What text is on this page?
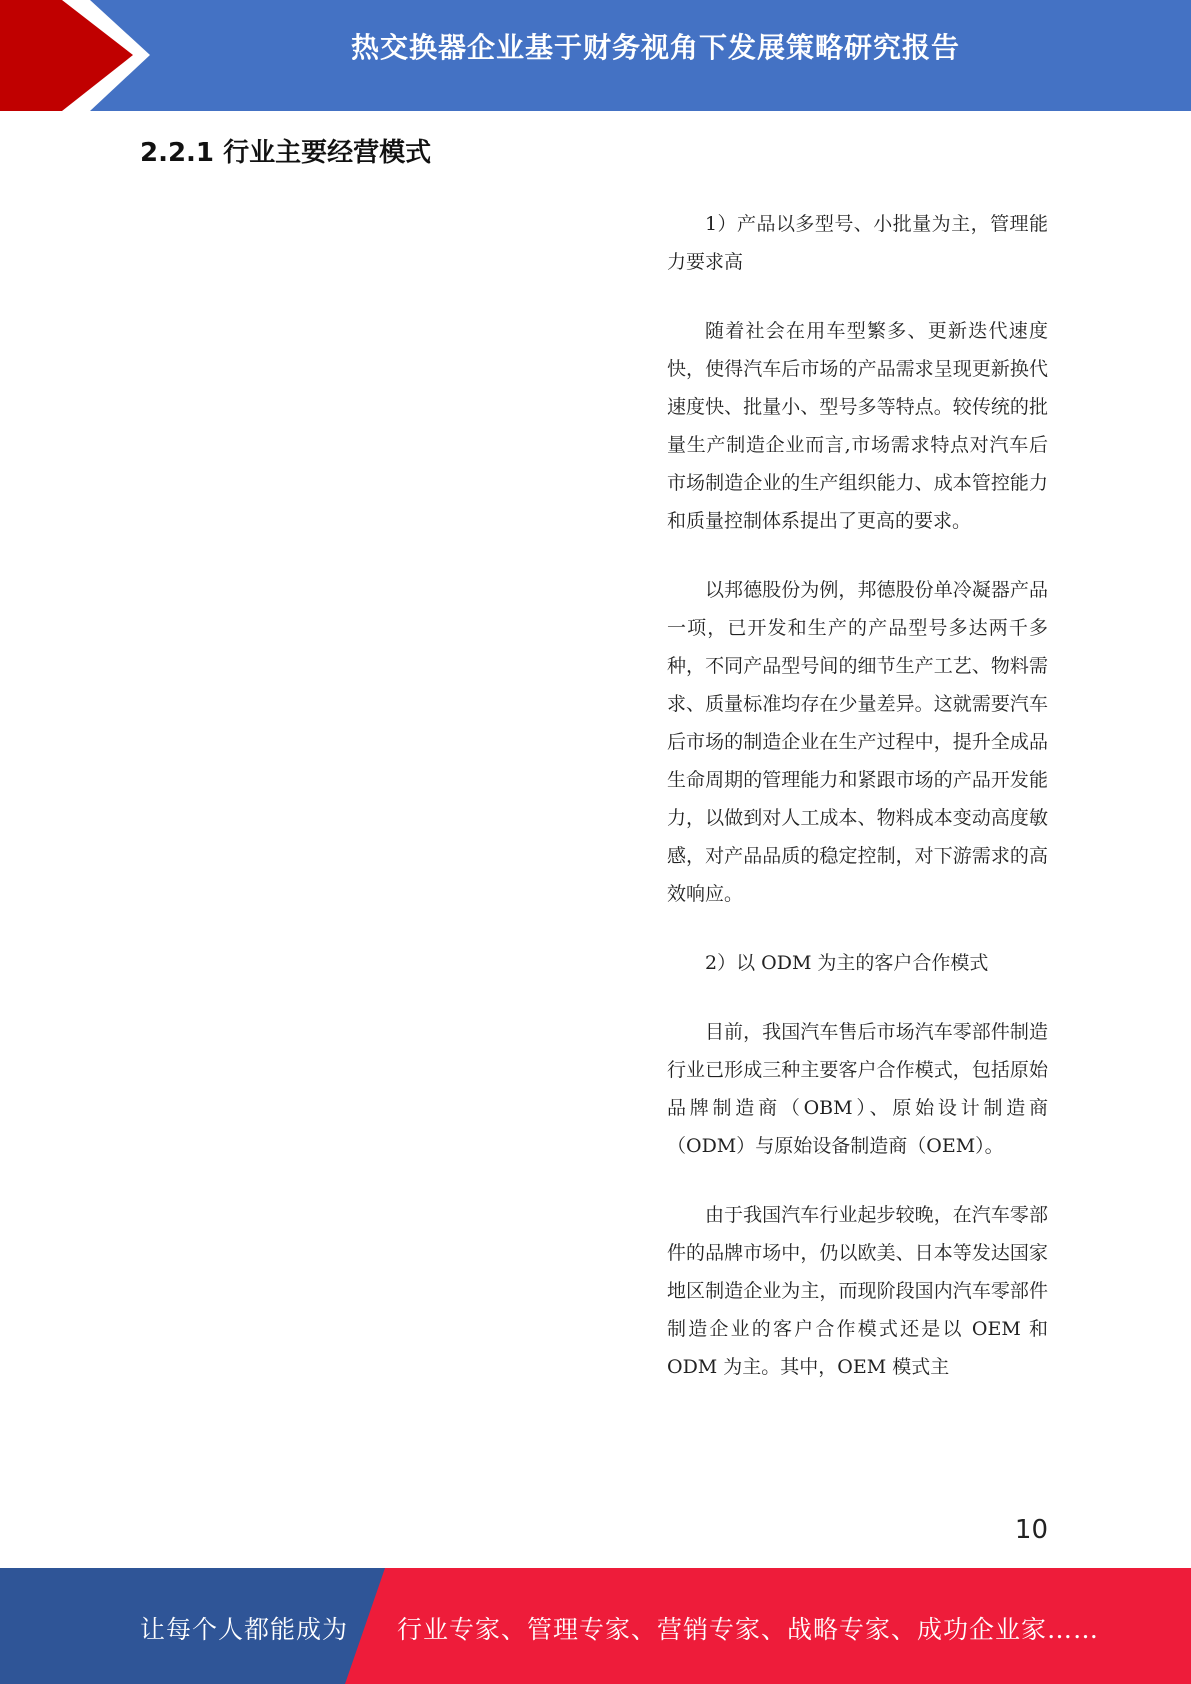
热交换器企业基于财务视角下发展策略研究报告
2.2.1 行业主要经营模式

1）产品以多型号、小批量为主，管理能力要求高

随着社会在用车型繁多、更新迭代速度快，使得汽车后市场的产品需求呈现更新换代速度快、批量小、型号多等特点。较传统的批量生产制造企业而言,市场需求特点对汽车后市场制造企业的生产组织能力、成本管控能力和质量控制体系提出了更高的要求。

以邦德股份为例，邦德股份单冷凝器产品一项，已开发和生产的产品型号多达两千多种，不同产品型号间的细节生产工艺、物料需求、质量标准均存在少量差异。这就需要汽车后市场的制造企业在生产过程中，提升全成品生命周期的管理能力和紧跟市场的产品开发能力，以做到对人工成本、物料成本变动高度敏感，对产品品质的稳定控制，对下游需求的高效响应。

2）以 ODM 为主的客户合作模式

目前，我国汽车售后市场汽车零部件制造行业已形成三种主要客户合作模式，包括原始品牌制造商（OBM）、原始设计制造商（ODM）与原始设备制造商（OEM）。

由于我国汽车行业起步较晚，在汽车零部件的品牌市场中，仍以欧美、日本等发达国家地区制造企业为主，而现阶段国内汽车零部件制造企业的客户合作模式还是以 OEM 和 ODM 为主。其中，OEM 模式主

10
让每个人都能成为 行业专家、管理专家、营销专家、战略专家、成功企业家……
